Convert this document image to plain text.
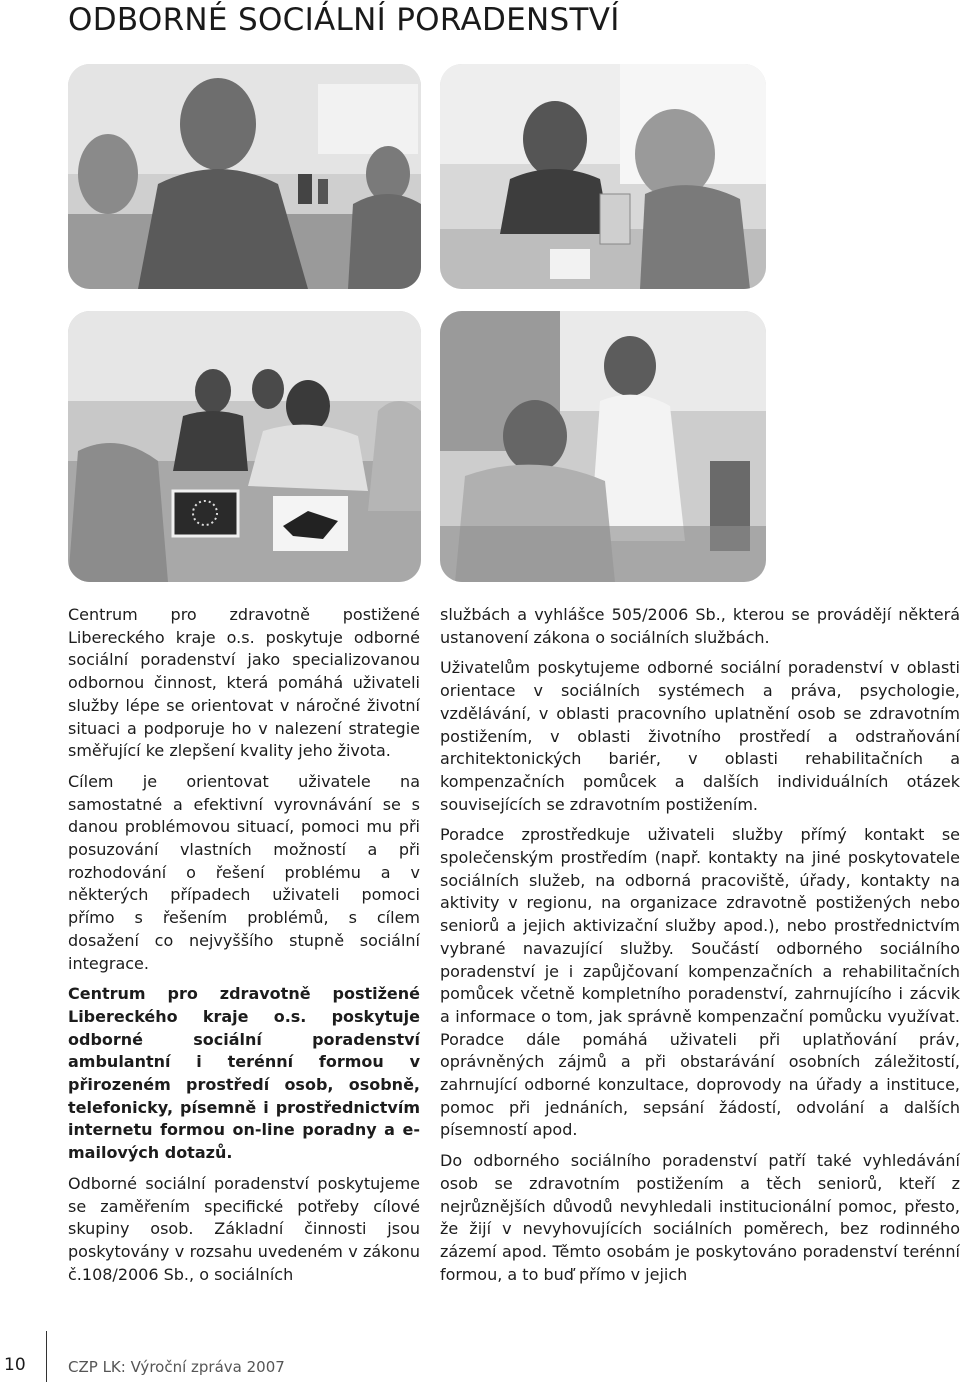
ODBORNÉ SOCIÁLNÍ PORADENSTVÍ

Centrum pro zdravotně postižené Libereckého kraje o.s. poskytuje odborné sociální poradenství jako specializovanou odbornou činnost, která pomáhá uživateli služby lépe se orientovat v náročné životní situaci a podporuje ho v nalezení strategie směřující ke zlepšení kvality jeho života.

Cílem je orientovat uživatele na samostatné a efektivní vyrovnávání se s danou problémovou situací, pomoci mu při posuzování vlastních možností a při rozhodování o řešení problému a v některých případech uživateli pomoci přímo s řešením problémů, s cílem dosažení co nejvyššího stupně sociální integrace.

Centrum pro zdravotně postižené Libereckého kraje o.s. poskytuje odborné sociální poradenství ambulantní i terénní formou v přirozeném prostředí osob, osobně, telefonicky, písemně i prostřednictvím internetu formou on-line poradny a e-mailových dotazů.

Odborné sociální poradenství poskytujeme se zaměřením specifické potřeby cílové skupiny osob. Základní činnosti jsou poskytovány v rozsahu uvedeném v zákonu č.108/2006 Sb., o sociálních

službách a vyhlášce 505/2006 Sb., kterou se provádějí některá ustanovení zákona o sociálních službách.

Uživatelům poskytujeme odborné sociální poradenství v oblasti orientace v sociálních systémech a práva, psychologie, vzdělávání, v oblasti pracovního uplatnění osob se zdravotním postižením, v oblasti životního prostředí a odstraňování architektonických bariér, v oblasti rehabilitačních a kompenzačních pomůcek a dalších individuálních otázek souvisejících se zdravotním postižením.

Poradce zprostředkuje uživateli služby přímý kontakt se společenským prostředím (např. kontakty na jiné poskytovatele sociálních služeb, na odborná pracoviště, úřady, kontakty na aktivity v regionu, na organizace zdravotně postižených nebo seniorů a jejich aktivizační služby apod.), nebo prostřednictvím vybrané navazující služby. Součástí odborného sociálního poradenství je i zapůjčovaní kompenzačních a rehabilitačních pomůcek včetně kompletního poradenství, zahrnujícího i zácvik a informace o tom, jak správně kompenzační pomůcku využívat. Poradce dále pomáhá uživateli při uplatňování práv, oprávněných zájmů a při obstarávání osobních záležitostí, zahrnující odborné konzultace, doprovody na úřady a instituce, pomoc při jednáních, sepsání žádostí, odvolání a dalších písemností apod.

Do odborného sociálního poradenství patří také vyhledávání osob se zdravotním postižením a těch seniorů, kteří z nejrůznějších důvodů nevyhledali institucionální pomoc, přesto, že žijí v nevyhovujících sociálních poměrech, bez rodinného zázemí apod. Těmto osobám je poskytováno poradenství terénní formou, a to buď přímo v jejich

10	CZP LK: Výroční zpráva 2007
